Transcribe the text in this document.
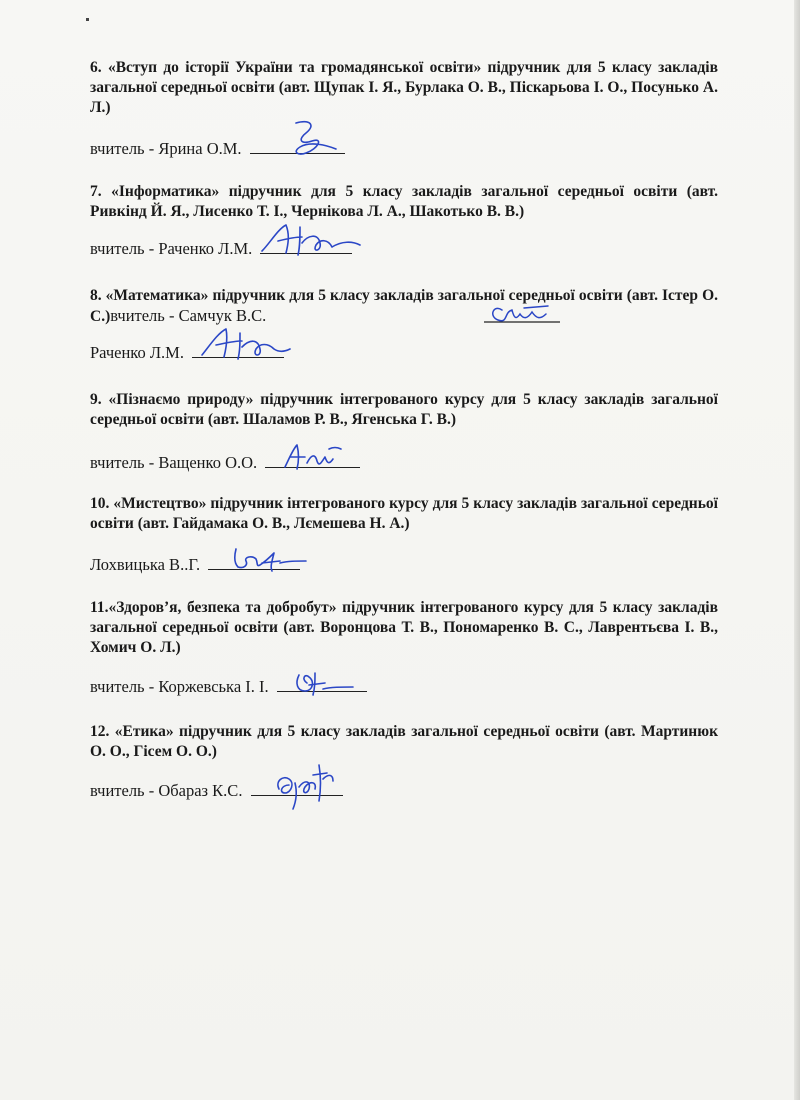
6. «Вступ до історії України та громадянської освіти» підручник для 5 класу закладів загальної середньої освіти (авт. Щупак І. Я., Бурлака О. В., Піскарьова І. О., Посунько А. Л.)
вчитель - Ярина О.М.
7. «Інформатика» підручник для 5 класу закладів загальної середньої освіти (авт. Ривкінд Й. Я., Лисенко Т. І., Чернікова Л. А., Шакотько В. В.)
вчитель - Раченко Л.М.
8. «Математика» підручник для 5 класу закладів загальної середньої освіти (авт. Істер О. С.)вчитель - Самчук В.С.
Раченко Л.М.
9. «Пізнаємо природу» підручник інтегрованого курсу для 5 класу закладів загальної середньої освіти (авт. Шаламов Р. В., Ягенська Г. В.)
вчитель - Ващенко О.О.
10. «Мистецтво» підручник інтегрованого курсу для 5 класу закладів загальної середньої освіти (авт. Гайдамака О. В., Лємешева Н. А.)
Лохвицька В..Г.
11.«Здоров’я, безпека та добробут» підручник інтегрованого курсу для 5 класу закладів загальної середньої освіти (авт. Воронцова Т. В., Пономаренко В. С., Лаврентьєва І. В., Хомич О. Л.)
вчитель - Коржевська І. І.
12. «Етика» підручник для 5 класу закладів загальної середньої освіти (авт. Мартинюк О. О., Гісем О. О.)
вчитель - Обараз К.С.
